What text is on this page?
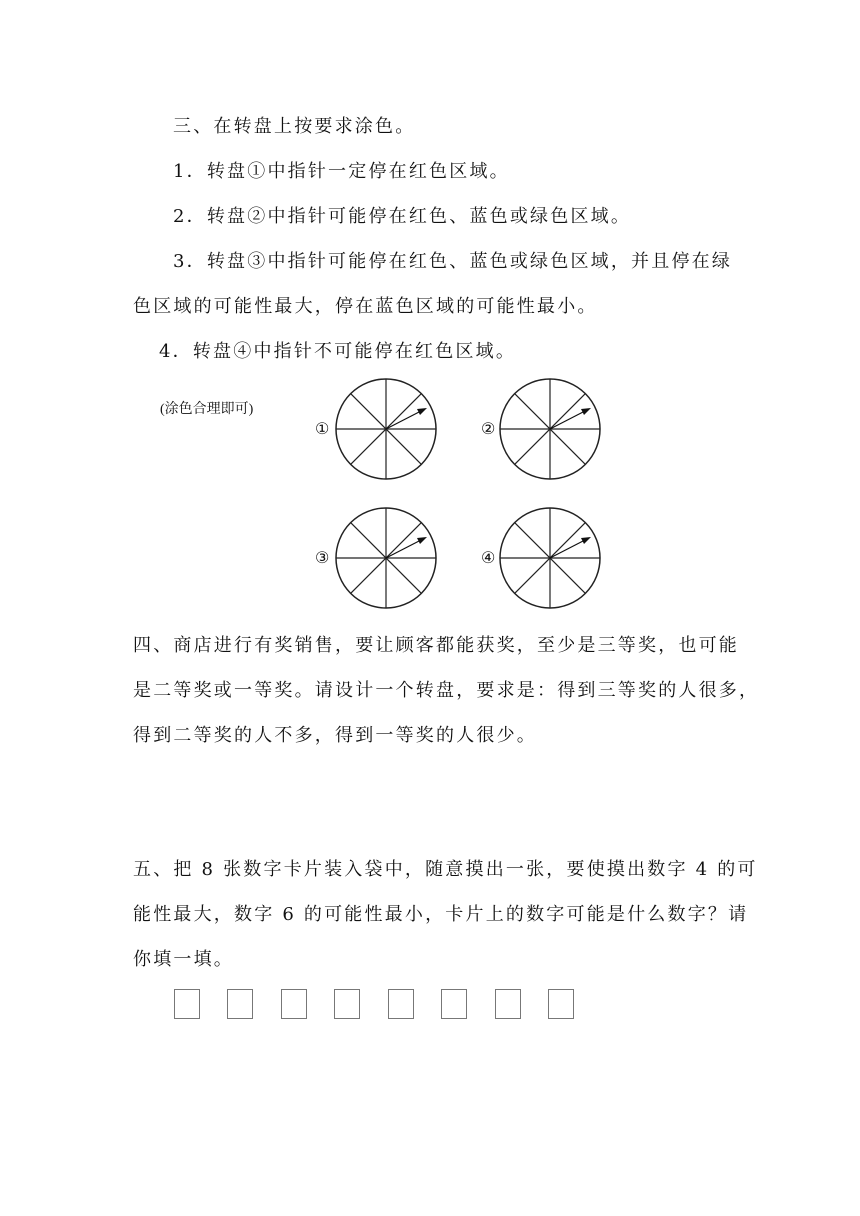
三、在转盘上按要求涂色。
1．转盘①中指针一定停在红色区域。
2．转盘②中指针可能停在红色、蓝色或绿色区域。
3．转盘③中指针可能停在红色、蓝色或绿色区域，并且停在绿
色区域的可能性最大，停在蓝色区域的可能性最小。
4．转盘④中指针不可能停在红色区域。
(涂色合理即可)
①	②
③	④
四、商店进行有奖销售，要让顾客都能获奖，至少是三等奖，也可能
是二等奖或一等奖。请设计一个转盘，要求是：得到三等奖的人很多，
得到二等奖的人不多，得到一等奖的人很少。
五、把 8 张数字卡片装入袋中，随意摸出一张，要使摸出数字 4 的可
能性最大，数字 6 的可能性最小，卡片上的数字可能是什么数字？请
你填一填。
